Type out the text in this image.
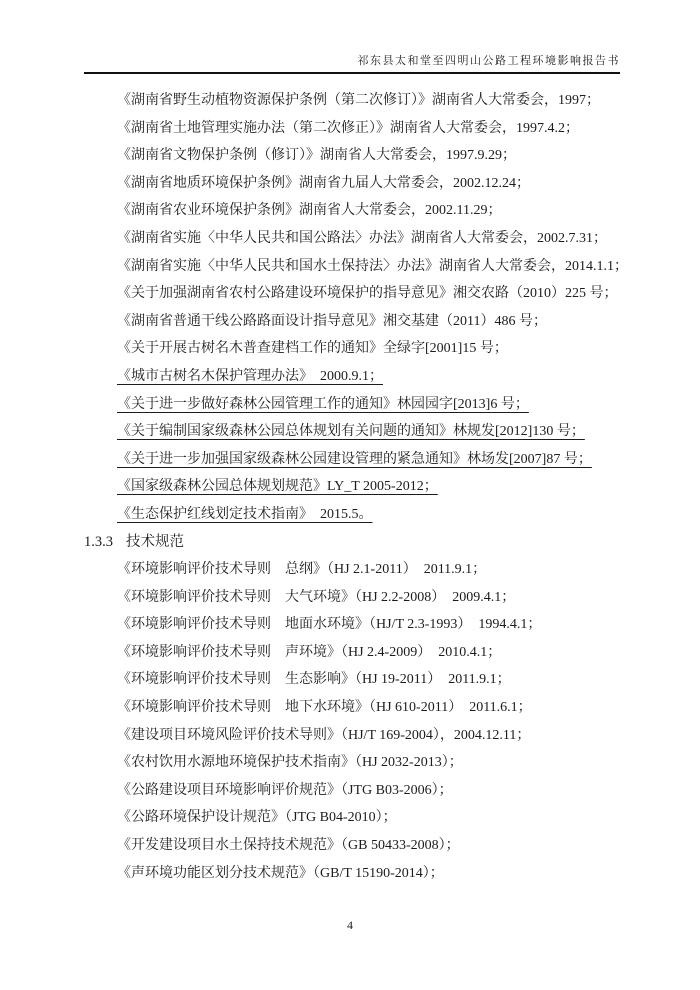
祁东县太和堂至四明山公路工程环境影响报告书

《湖南省野生动植物资源保护条例（第二次修订）》湖南省人大常委会，1997；

《湖南省土地管理实施办法（第二次修正）》湖南省人大常委会，1997.4.2；

《湖南省文物保护条例（修订）》湖南省人大常委会，1997.9.29；

《湖南省地质环境保护条例》湖南省九届人大常委会，2002.12.24；

《湖南省农业环境保护条例》湖南省人大常委会，2002.11.29；

《湖南省实施〈中华人民共和国公路法〉办法》湖南省人大常委会，2002.7.31；

《湖南省实施〈中华人民共和国水土保持法〉办法》湖南省人大常委会，2014.1.1；

《关于加强湖南省农村公路建设环境保护的指导意见》湘交农路（2010）225 号；

《湖南省普通干线公路路面设计指导意见》湘交基建（2011）486 号；

《关于开展古树名木普查建档工作的通知》全绿字[2001]15 号；

《城市古树名木保护管理办法》　2000.9.1；

《关于进一步做好森林公园管理工作的通知》林园园字[2013]6 号；

《关于编制国家级森林公园总体规划有关问题的通知》林规发[2012]130 号；

《关于进一步加强国家级森林公园建设管理的紧急通知》林场发[2007]87 号；

《国家级森林公园总体规划规范》LY_T 2005-2012；

《生态保护红线划定技术指南》　2015.5。

1.3.3 技术规范

《环境影响评价技术导则　总纲》（HJ 2.1-2011）　2011.9.1；

《环境影响评价技术导则　大气环境》（HJ 2.2-2008）　2009.4.1；

《环境影响评价技术导则　地面水环境》（HJ/T 2.3-1993）　1994.4.1；

《环境影响评价技术导则　声环境》（HJ 2.4-2009）　2010.4.1；

《环境影响评价技术导则　生态影响》（HJ 19-2011）　2011.9.1；

《环境影响评价技术导则　地下水环境》（HJ 610-2011）　2011.6.1；

《建设项目环境风险评价技术导则》（HJ/T 169-2004），2004.12.11；

《农村饮用水源地环境保护技术指南》（HJ 2032-2013）；

《公路建设项目环境影响评价规范》（JTG B03-2006）；

《公路环境保护设计规范》（JTG B04-2010）；

《开发建设项目水土保持技术规范》（GB 50433-2008）；

《声环境功能区划分技术规范》（GB/T 15190-2014）；

4
